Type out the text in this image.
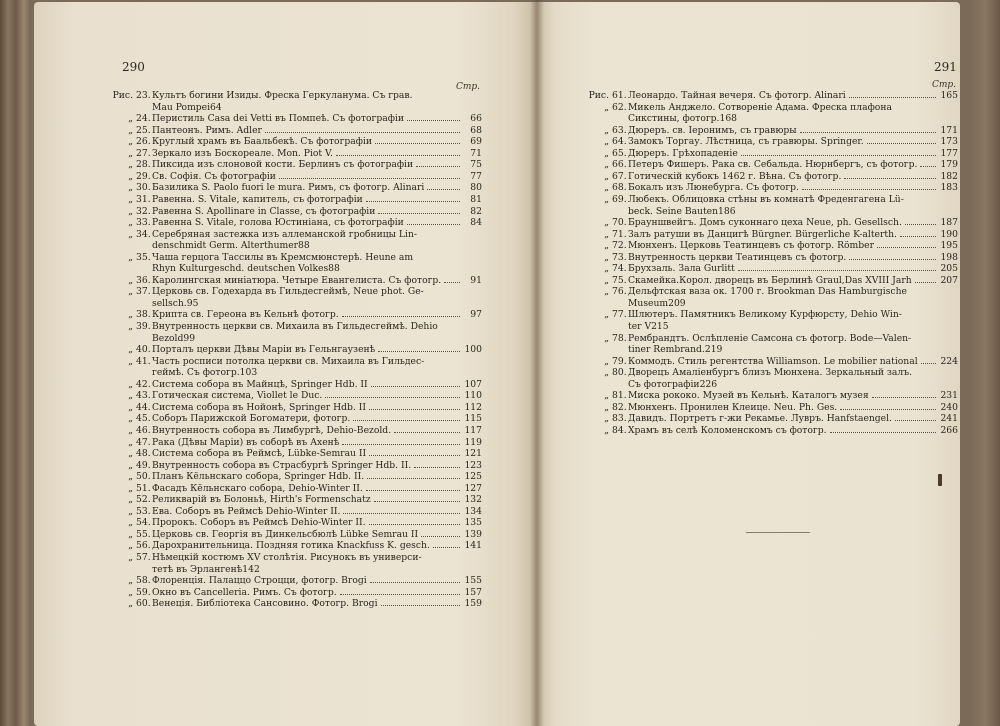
290
Стр.
Рис. 23. Культъ богини Изиды. Фреска Геркуланума. Съ грав.
Mau Pompei 64
„ 24. Перистиль Casa dei Vetti въ Помпеѣ. Съ фотографіи	66
„ 25. Пантеонъ. Римъ. Adler	68
„ 26. Круглый храмъ въ Баальбекѣ. Съ фотографіи	69
„ 27. Зеркало изъ Боскореале. Mon. Piot V.	71
„ 28. Пиксида изъ слоновой кости. Берлинъ съ фотографіи	75
„ 29. Св. Софія. Съ фотографіи	77
„ 30. Базилика S. Paolo fuori le mura. Римъ, съ фотогр. Alinari	80
„ 31. Равенна. S. Vitale, капитель, съ фотографіи	81
„ 32. Равенна S. Apollinare in Classe, съ фотографіи	82
„ 33. Равенна S. Vitale, голова Юстиніана, съ фотографіи	84
„ 34. Серебряная застежка изъ аллеманской гробницы Lin-
denschmidt Germ. Alterthumer 88
„ 35. Чаша герцога Тассилы въ Кремсмюнстерѣ. Heune am
Rhyn Kulturgeschd. deutschen Volkes 88
„ 36. Каролингская миніатюра. Четыре Евангелиста. Съ фотогр.	91
„ 37. Церковь св. Годехарда въ Гильдесгеймѣ, Neue phot. Ge-
sellsch. 95
„ 38. Крипта св. Гереона въ Кельнѣ фотогр.	97
„ 39. Внутренность церкви св. Михаила въ Гильдесгеймѣ. Dehio
Bezold 99
„ 40. Порталъ церкви Дѣвы Маріи въ Гельнгаузенѣ	100
„ 41. Часть росписи потолка церкви св. Михаила въ Гильдес-
геймѣ. Съ фотогр. 103
„ 42. Система собора въ Майнцѣ, Springer Hdb. II	107
„ 43. Готическая система, Viollet le Duc.	110
„ 44. Система собора въ Нойонѣ, Springer Hdb. II	112
„ 45. Соборъ Парижской Богоматери, фотогр.	115
„ 46. Внутренность собора въ Лимбургѣ, Dehio-Bezold.	117
„ 47. Рака (Дѣвы Маріи) въ соборѣ въ Ахенѣ	119
„ 48. Система собора въ Реймсѣ, Lübke-Semrau II	121
„ 49. Внутренность собора въ Страсбургѣ Springer Hdb. II.	123
„ 50. Планъ Кёльнскаго собора, Springer Hdb. II.	125
„ 51. Фасадъ Кёльнскаго собора, Dehio-Winter II.	127
„ 52. Реликварій въ Болоньѣ, Hirth's Formenschatz	132
„ 53. Ева. Соборъ въ Реймсѣ Dehio-Winter II.	134
„ 54. Пророкъ. Соборъ въ Реймсѣ Dehio-Winter II.	135
„ 55. Церковь св. Георгія въ Динкельсбюлѣ Lübke Semrau II	139
„ 56. Дарохранительница. Поздняя готика Knackfuss K. gesch.	141
„ 57. Нѣмецкій костюмъ XV столѣтія. Рисунокъ въ универси-
тетѣ въ Эрлангенѣ 142
„ 58. Флоренція. Палаццо Строцци, фотогр. Brogi	155
„ 59. Окно въ Cancelleria. Римъ. Съ фотогр.	157
„ 60. Венеція. Библіотека Сансовино. Фотогр. Brogi	159
291
Стр.
Рис. 61. Леонардо. Тайная вечеря. Съ фотогр. Alinari	165
„ 62. Микель Анджело. Сотвореніе Адама. Фреска плафона
Сикстины, фотогр. 168
„ 63. Дюреръ. св. Іеронимъ, съ гравюры	171
„ 64. Замокъ Торгау. Лѣстница, съ гравюры. Springer.	173
„ 65. Дюреръ. Грѣхопаденіе	177
„ 66. Петеръ Фишеръ. Рака св. Себальда. Нюрнбергъ, съ фотогр.	179
„ 67. Готическій кубокъ 1462 г. Вѣна. Съ фотогр.	182
„ 68. Бокалъ изъ Люнебурга. Съ фотогр.	183
„ 69. Любекъ. Облицовка стѣны въ комнатѣ Фреденгагена Lü-
beck. Seine Bauten 186
„ 70. Брауншвейгъ. Домъ суконнаго цеха Neue, ph. Gesellsch.	187
„ 71. Залъ ратуши въ Данцигѣ Bürgner. Bürgerliche K-alterth.	190
„ 72. Мюнхенъ. Церковь Театинцевъ съ фотогр. Römber	195
„ 73. Внутренность церкви Театинцевъ съ фотогр.	198
„ 74. Брухзаль. Зала Gurlitt	205
„ 75. Скамейка.Корол. дворецъ въ Берлинѣ Graul,Das XVIII Jarh	207
„ 76. Дельфтская ваза ок. 1700 г. Brookman Das Hamburgische
Museum 209
„ 77. Шлютеръ. Памятникъ Великому Курфюрсту, Dehio Win-
ter V 215
„ 78. Рембрандтъ. Ослѣпленіе Самсона съ фотогр. Bode—Valen-
tiner Rembrand. 219
„ 79. Коммодъ. Стиль регентства Williamson. Le mobilier national 224
„ 80. Дворецъ Амаліенбургъ близъ Мюнхена. Зеркальный залъ.
Съ фотографіи 226
„ 81. Миска рококо. Музей въ Кельнѣ. Каталогъ музея	231
„ 82. Мюнхенъ. Пронилен Клеице. Neu. Ph. Ges.	240
„ 83. Давидъ. Портретъ г-жи Рекамье. Лувръ. Hanfstaengel.	241
„ 84. Храмъ въ селѣ Коломенскомъ съ фотогр.	266
